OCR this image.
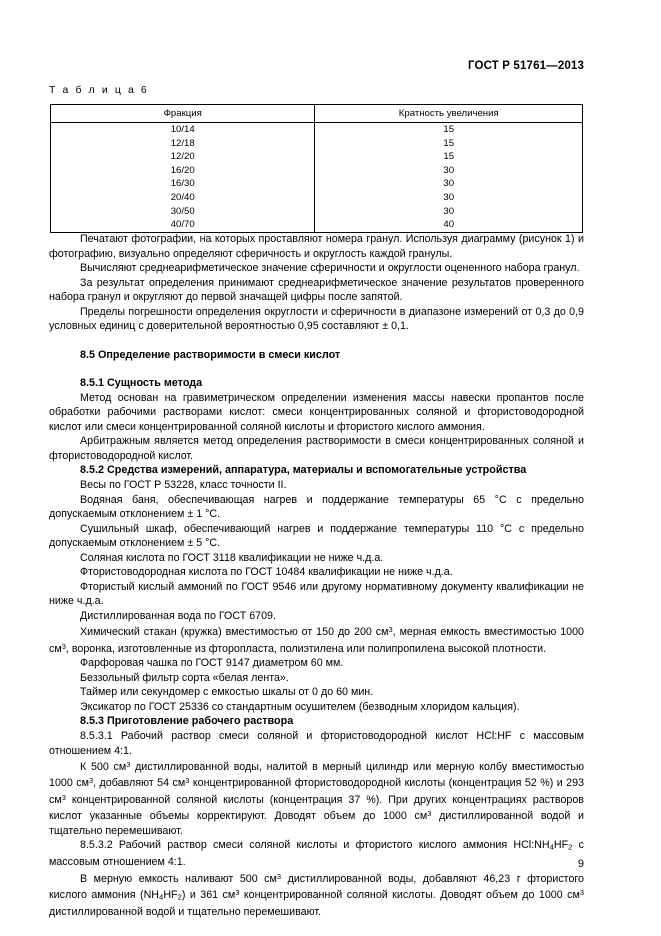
ГОСТ Р 51761—2013
Т а б л и ц а 6
Фракция	Кратность увеличения
10/14	15
12/18	15
12/20	15
16/20	30
16/30	30
20/40	30
30/50	30
40/70	40

Печатают фотографии, на которых проставляют номера гранул. Используя диаграмму (рисунок 1) и фотографию, визуально определяют сферичность и округлость каждой гранулы.

Вычисляют среднеарифметическое значение сферичности и округлости оцененного набора гранул.

За результат определения принимают среднеарифметическое значение результатов проверенного набора гранул и округляют до первой значащей цифры после запятой.

Пределы погрешности определения округлости и сферичности в диапазоне измерений от 0,3 до 0,9 условных единиц с доверительной вероятностью 0,95 составляют ± 0,1.

8.5 Определение растворимости в смеси кислот
8.5.1 Сущность метода

Метод основан на гравиметрическом определении изменения массы навески пропантов после обработки рабочими растворами кислот: смеси концентрированных соляной и фтористоводородной кислот или смеси концентрированной соляной кислоты и фтористого кислого аммония.

Арбитражным является метод определения растворимости в смеси концентрированных соляной и фтористоводородной кислот.

8.5.2 Средства измерений, аппаратура, материалы и вспомогательные устройства

Весы по ГОСТ Р 53228, класс точности II.

Водяная баня, обеспечивающая нагрев и поддержание температуры 65 °С с предельно допускаемым отклонением ± 1 °С.

Сушильный шкаф, обеспечивающий нагрев и поддержание температуры 110 °С с предельно допускаемым отклонением ± 5 °С.

Соляная кислота по ГОСТ 3118 квалификации не ниже ч.д.а.

Фтористоводородная кислота по ГОСТ 10484 квалификации не ниже ч.д.а.

Фтористый кислый аммоний по ГОСТ 9546 или другому нормативному документу квалификации не ниже ч.д.а.

Дистиллированная вода по ГОСТ 6709.

Химический стакан (кружка) вместимостью от 150 до 200 $см^3$, мерная емкость вместимостью 1000 $см^3$, воронка, изготовленные из фторопласта, полиэтилена или полипропилена высокой плотности.

Фарфоровая чашка по ГОСТ 9147 диаметром 60 мм.

Беззольный фильтр сорта «белая лента».

Таймер или секундомер с емкостью шкалы от 0 до 60 мин.

Эксикатор по ГОСТ 25336 со стандартным осушителем (безводным хлоридом кальция).

8.5.3 Приготовление рабочего раствора

8.5.3.1 Рабочий раствор смеси соляной и фтористоводородной кислот HCl:HF с массовым отношением 4:1.

К 500 $см^3$ дистиллированной воды, налитой в мерный цилиндр или мерную колбу вместимостью 1000 $см^3$, добавляют 54 $см^3$ концентрированной фтористоводородной кислоты (концентрация 52 %) и 293 $см^3$ концентрированной соляной кислоты (концентрация 37 %). При других концентрациях растворов кислот указанные объемы корректируют. Доводят объем до 1000 $см^3$ дистиллированной водой и тщательно перемешивают.

8.5.3.2 Рабочий раствор смеси соляной кислоты и фтористого кислого аммония $HCl:NH_4HF_2$ с массовым отношением 4:1.

В мерную емкость наливают 500 $см^3$ дистиллированной воды, добавляют 46,23 г фтористого кислого аммония $(NH_4HF_2)$ и 361 $см^3$ концентрированной соляной кислоты. Доводят объем до 1000 $см^3$ дистиллированной водой и тщательно перемешивают.

9
